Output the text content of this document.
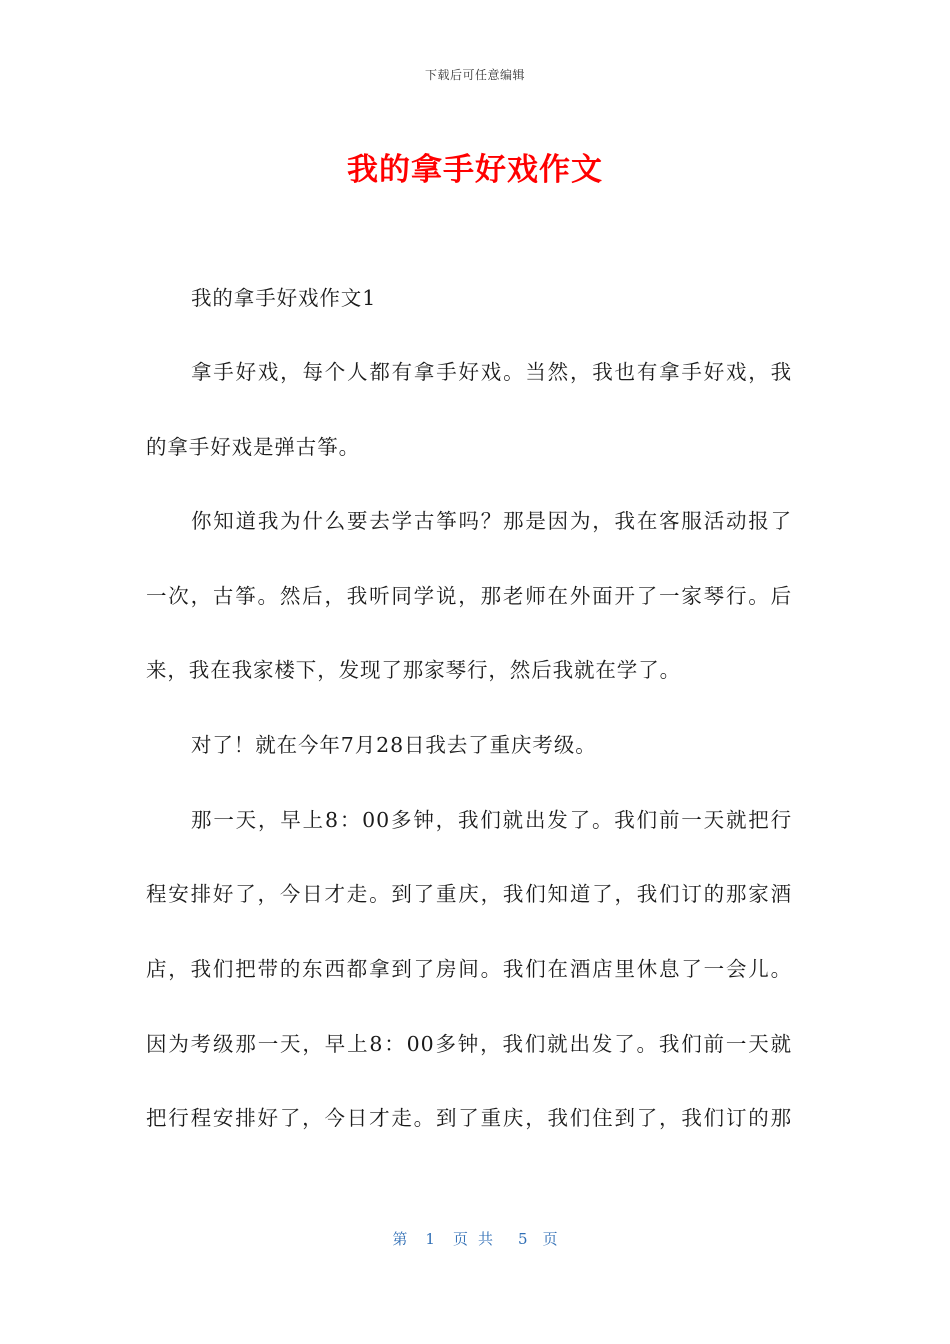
下载后可任意编辑
我的拿手好戏作文
我的拿手好戏作文1
拿手好戏，每个人都有拿手好戏。当然，我也有拿手好戏，我
的拿手好戏是弹古筝。
你知道我为什么要去学古筝吗？那是因为，我在客服活动报了
一次，古筝。然后，我听同学说，那老师在外面开了一家琴行。后
来，我在我家楼下，发现了那家琴行，然后我就在学了。
对了！就在今年7月28日我去了重庆考级。
那一天，早上8：00多钟，我们就出发了。我们前一天就把行
程安排好了，今日才走。到了重庆，我们知道了，我们订的那家酒
店，我们把带的东西都拿到了房间。我们在酒店里休息了一会儿。
因为考级那一天，早上8：00多钟，我们就出发了。我们前一天就
把行程安排好了，今日才走。到了重庆，我们住到了，我们订的那
第 1 页共 5 页
